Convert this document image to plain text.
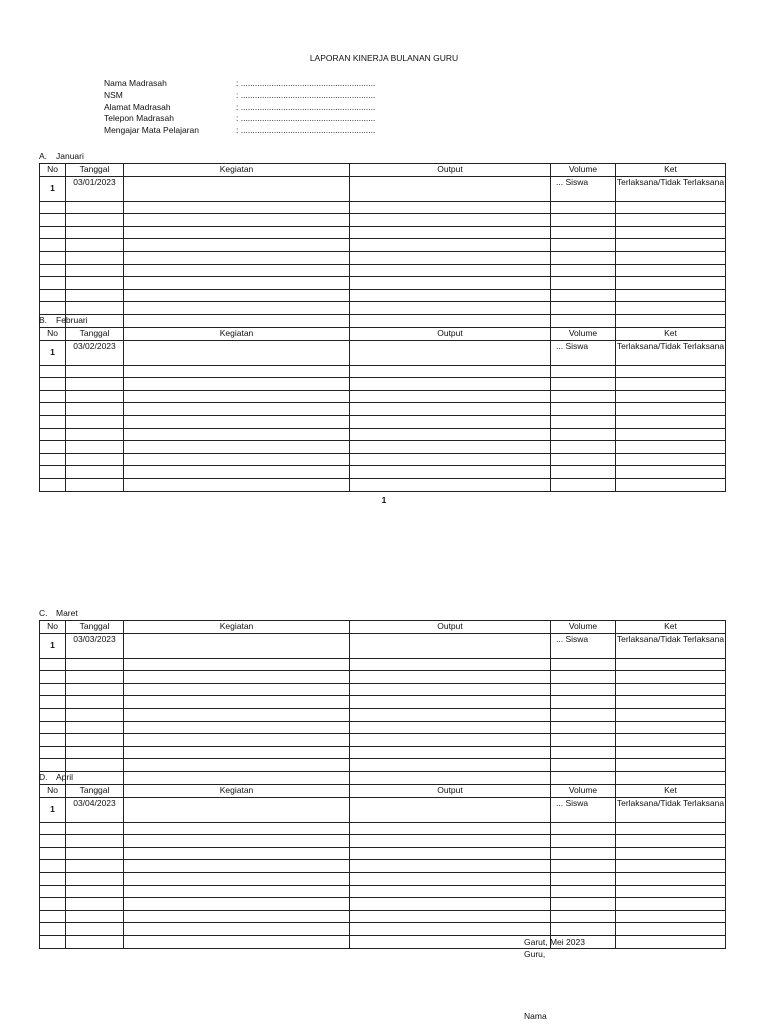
LAPORAN KINERJA BULANAN GURU
Nama Madrasah	: .........................................................
NSM	: .........................................................
Alamat Madrasah	: .........................................................
Telepon Madrasah	: .........................................................
Mengajar Mata Pelajaran	: .........................................................
A. Januari
No	Tanggal	Kegiatan	Output	Volume	Ket
1	03/01/2023			... Siswa	Terlaksana/Tidak Terlaksana

B. Februari
No	Tanggal	Kegiatan	Output	Volume	Ket
1	03/02/2023			... Siswa	Terlaksana/Tidak Terlaksana

C. Maret
No	Tanggal	Kegiatan	Output	Volume	Ket
1	03/03/2023			... Siswa	Terlaksana/Tidak Terlaksana

D. April
No	Tanggal	Kegiatan	Output	Volume	Ket
1	03/04/2023			... Siswa	Terlaksana/Tidak Terlaksana

1
Garut, Mei 2023
Guru,
Nama
